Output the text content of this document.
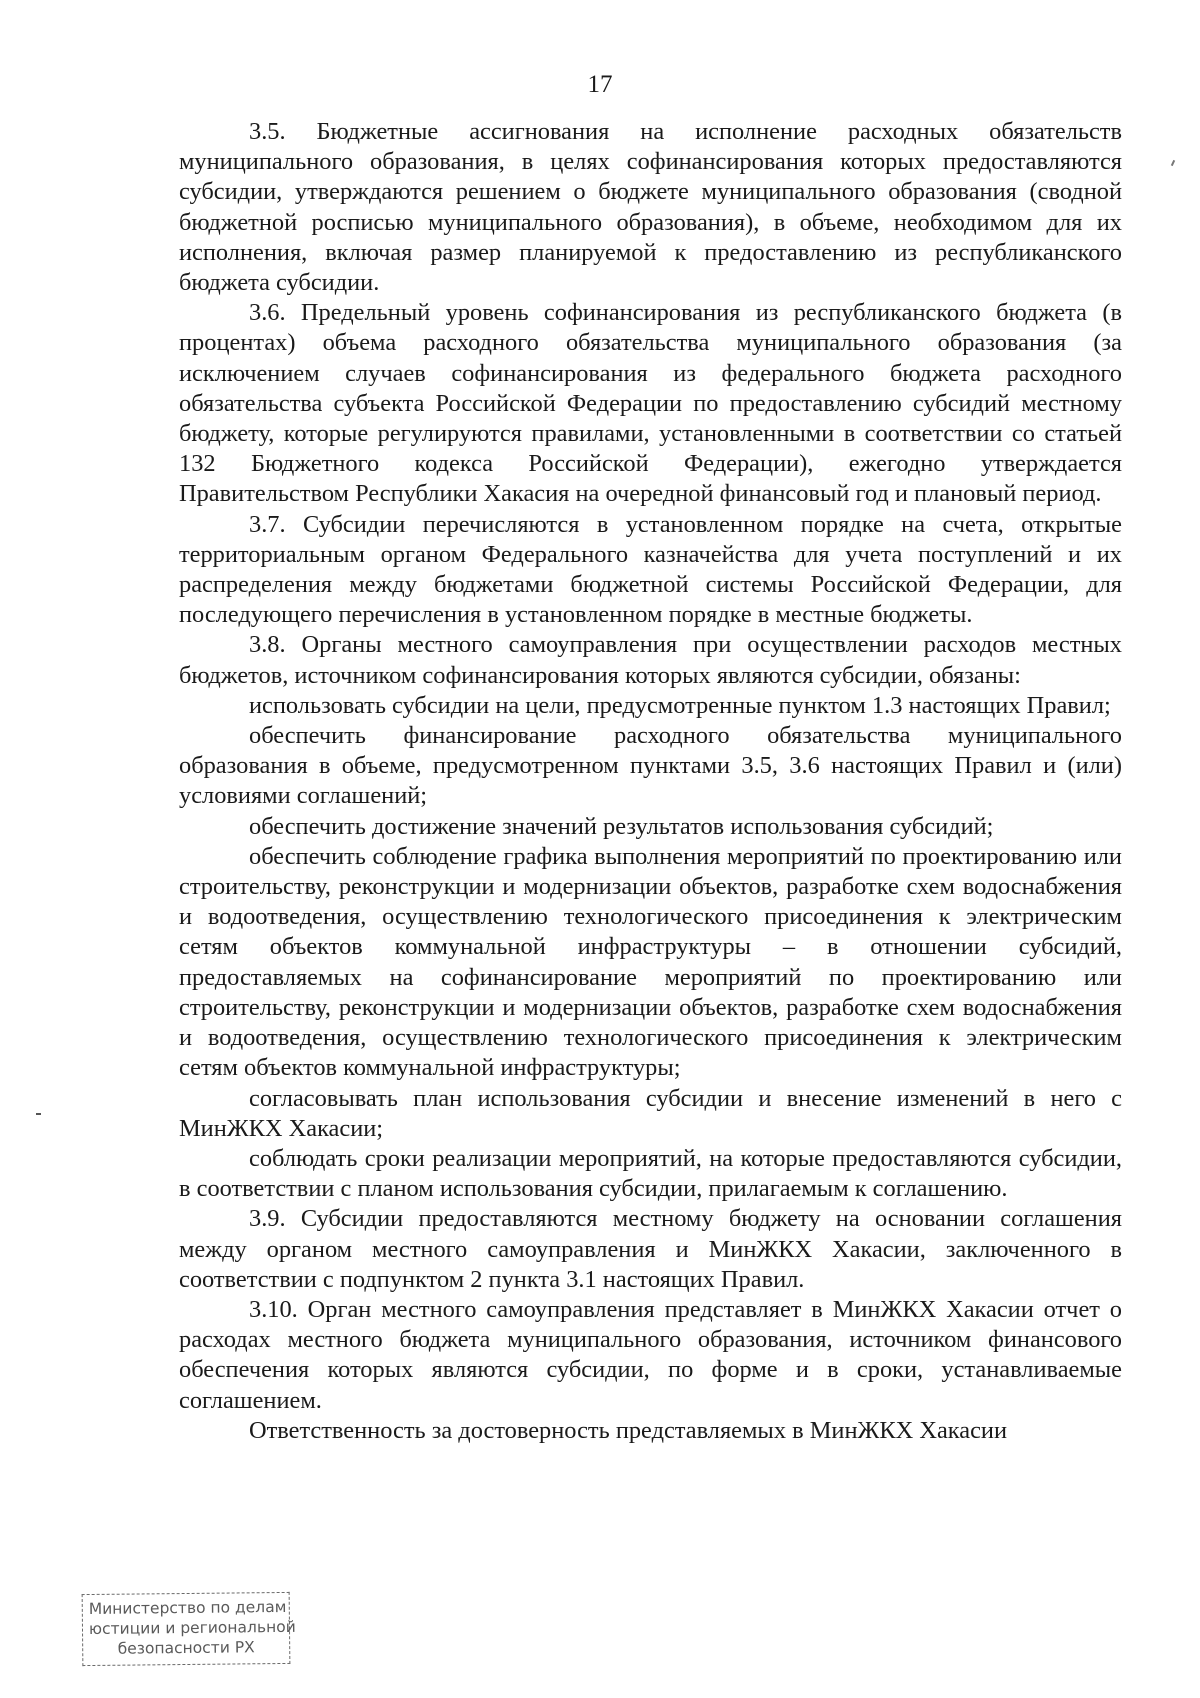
17

3.5. Бюджетные ассигнования на исполнение расходных обязательств муниципального образования, в целях софинансирования которых предоставляются субсидии, утверждаются решением о бюджете муниципального образования (сводной бюджетной росписью муниципального образования), в объеме, необходимом для их исполнения, включая размер планируемой к предоставлению из республиканского бюджета субсидии.

3.6. Предельный уровень софинансирования из республиканского бюджета (в процентах) объема расходного обязательства муниципального образования (за исключением случаев софинансирования из федерального бюджета расходного обязательства субъекта Российской Федерации по предоставлению субсидий местному бюджету, которые регулируются правилами, установленными в соответствии со статьей 132 Бюджетного кодекса Российской Федерации), ежегодно утверждается Правительством Республики Хакасия на очередной финансовый год и плановый период.

3.7. Субсидии перечисляются в установленном порядке на счета, открытые территориальным органом Федерального казначейства для учета поступлений и их распределения между бюджетами бюджетной системы Российской Федерации, для последующего перечисления в установленном порядке в местные бюджеты.

3.8. Органы местного самоуправления при осуществлении расходов местных бюджетов, источником софинансирования которых являются субсидии, обязаны:

использовать субсидии на цели, предусмотренные пунктом 1.3 настоящих Правил;

обеспечить финансирование расходного обязательства муниципального образования в объеме, предусмотренном пунктами 3.5, 3.6 настоящих Правил и (или) условиями соглашений;

обеспечить достижение значений результатов использования субсидий;

обеспечить соблюдение графика выполнения мероприятий по проектированию или строительству, реконструкции и модернизации объектов, разработке схем водоснабжения и водоотведения, осуществлению технологического присоединения к электрическим сетям объектов коммунальной инфраструктуры – в отношении субсидий, предоставляемых на софинансирование мероприятий по проектированию или строительству, реконструкции и модернизации объектов, разработке схем водоснабжения и водоотведения, осуществлению технологического присоединения к электрическим сетям объектов коммунальной инфраструктуры;

согласовывать план использования субсидии и внесение изменений в него с МинЖКХ Хакасии;

соблюдать сроки реализации мероприятий, на которые предоставляются субсидии, в соответствии с планом использования субсидии, прилагаемым к соглашению.

3.9. Субсидии предоставляются местному бюджету на основании соглашения между органом местного самоуправления и МинЖКХ Хакасии, заключенного в соответствии с подпунктом 2 пункта 3.1 настоящих Правил.

3.10. Орган местного самоуправления представляет в МинЖКХ Хакасии отчет о расходах местного бюджета муниципального образования, источником финансового обеспечения которых являются субсидии, по форме и в сроки, устанавливаемые соглашением.

Ответственность за достоверность представляемых в МинЖКХ Хакасии

Министерство по делам
юстиции и региональной
безопасности РХ
